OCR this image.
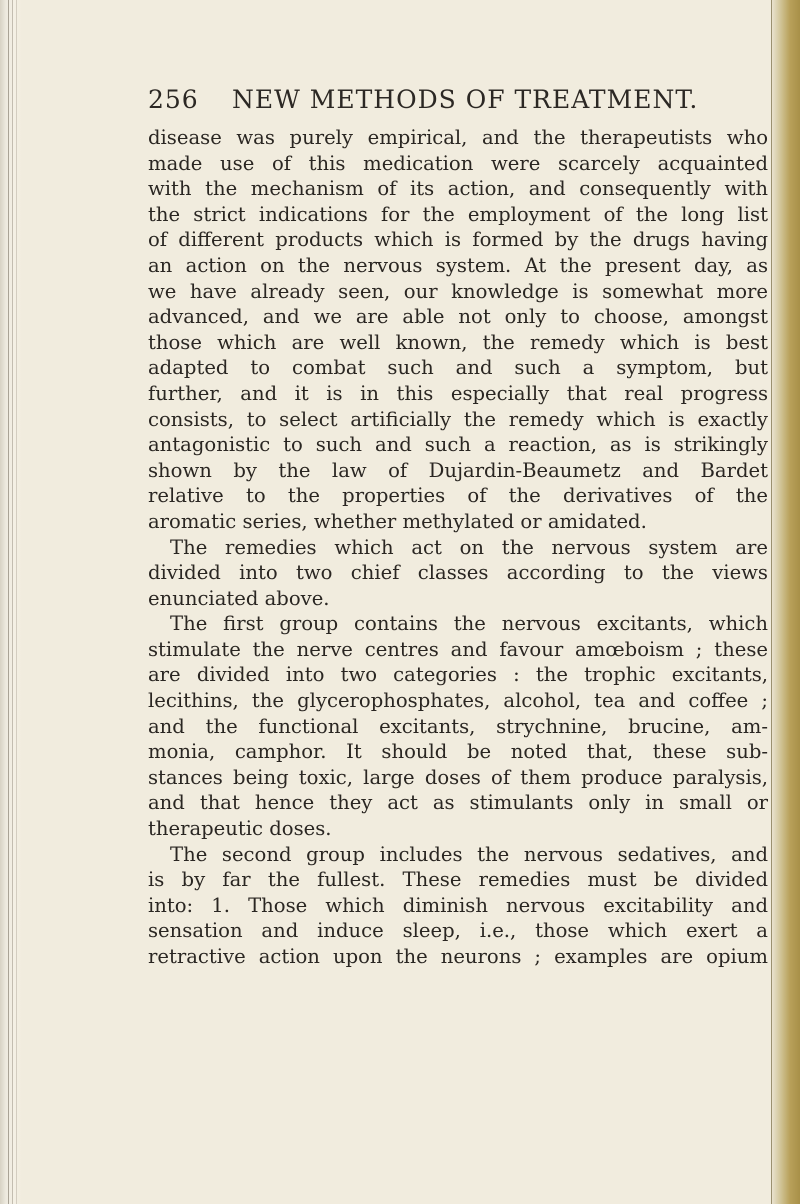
256 NEW METHODS OF TREATMENT.
disease was purely empirical, and the therapeutists who
made use of this medication were scarcely acquainted
with the mechanism of its action, and consequently with
the strict indications for the employment of the long list
of different products which is formed by the drugs having
an action on the nervous system. At the present day, as
we have already seen, our knowledge is somewhat more
advanced, and we are able not only to choose, amongst
those which are well known, the remedy which is best
adapted to combat such and such a symptom, but
further, and it is in this especially that real progress
consists, to select artificially the remedy which is exactly
antagonistic to such and such a reaction, as is strikingly
shown by the law of Dujardin-Beaumetz and Bardet
relative to the properties of the derivatives of the
aromatic series, whether methylated or amidated.
The remedies which act on the nervous system are
divided into two chief classes according to the views
enunciated above.
The first group contains the nervous excitants, which
stimulate the nerve centres and favour amœboism ; these
are divided into two categories : the trophic excitants,
lecithins, the glycerophosphates, alcohol, tea and coffee ;
and the functional excitants, strychnine, brucine, am-
monia, camphor. It should be noted that, these sub-
stances being toxic, large doses of them produce paralysis,
and that hence they act as stimulants only in small or
therapeutic doses.
The second group includes the nervous sedatives, and
is by far the fullest. These remedies must be divided
into: 1. Those which diminish nervous excitability and
sensation and induce sleep, i.e., those which exert a
retractive action upon the neurons ; examples are opium
